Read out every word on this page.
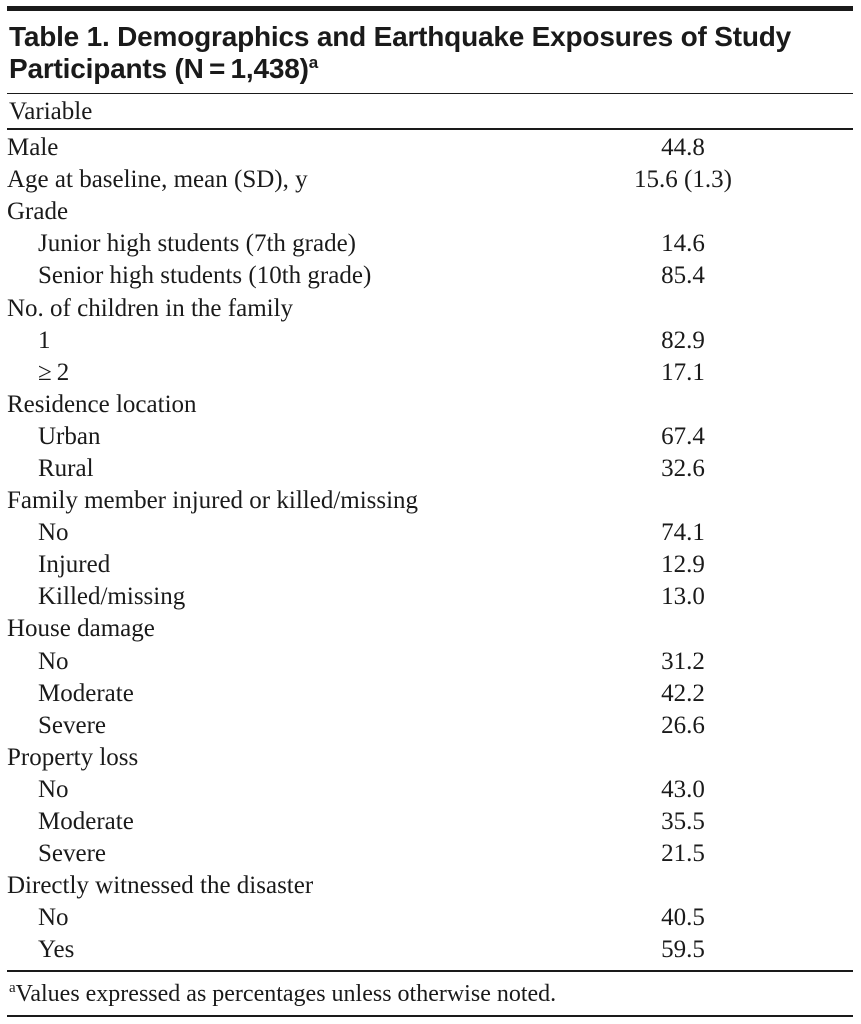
Table 1. Demographics and Earthquake Exposures of Study Participants (N = 1,438)$^a$
Variable
Male	44.8
Age at baseline, mean (SD), y	15.6 (1.3)
Grade	
Junior high students (7th grade)	14.6
Senior high students (10th grade)	85.4
No. of children in the family	
1	82.9
≥ 2	17.1
Residence location	
Urban	67.4
Rural	32.6
Family member injured or killed/missing	
No	74.1
Injured	12.9
Killed/missing	13.0
House damage	
No	31.2
Moderate	42.2
Severe	26.6
Property loss	
No	43.0
Moderate	35.5
Severe	21.5
Directly witnessed the disaster	
No	40.5
Yes	59.5
$^a$Values expressed as percentages unless otherwise noted.
